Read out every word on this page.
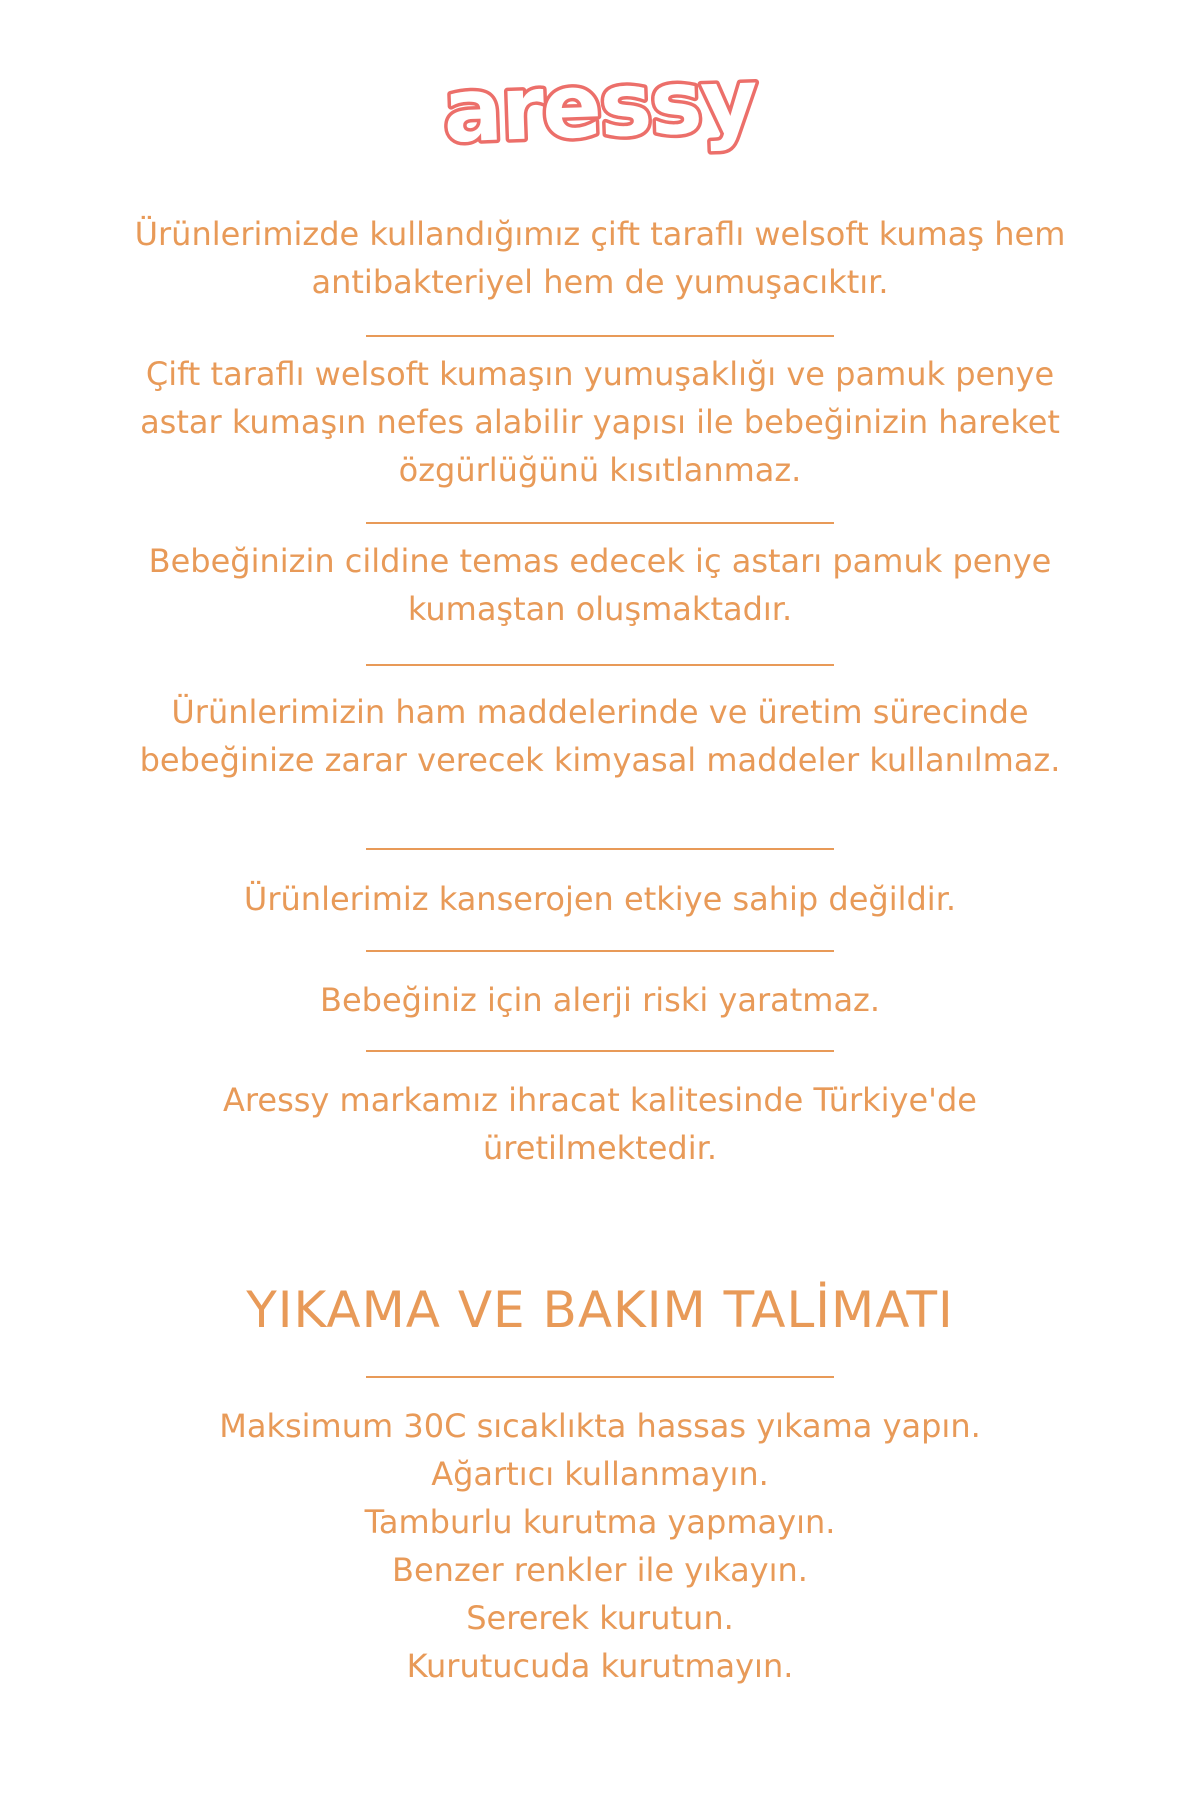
aressy

Ürünlerimizde kullandığımız çift taraflı welsoft kumaş hem antibakteriyel hem de yumuşacıktır.

Çift taraflı welsoft kumaşın yumuşaklığı ve pamuk penye astar kumaşın nefes alabilir yapısı ile bebeğinizin hareket özgürlüğünü kısıtlanmaz.

Bebeğinizin cildine temas edecek iç astarı pamuk penye kumaştan oluşmaktadır.

Ürünlerimizin ham maddelerinde ve üretim sürecinde bebeğinize zarar verecek kimyasal maddeler kullanılmaz.

Ürünlerimiz kanserojen etkiye sahip değildir.

Bebeğiniz için alerji riski yaratmaz.

Aressy markamız ihracat kalitesinde Türkiye'de üretilmektedir.

YIKAMA VE BAKIM TALİMATI
Maksimum 30C sıcaklıkta hassas yıkama yapın.
Ağartıcı kullanmayın.
Tamburlu kurutma yapmayın.
Benzer renkler ile yıkayın.
Sererek kurutun.
Kurutucuda kurutmayın.
